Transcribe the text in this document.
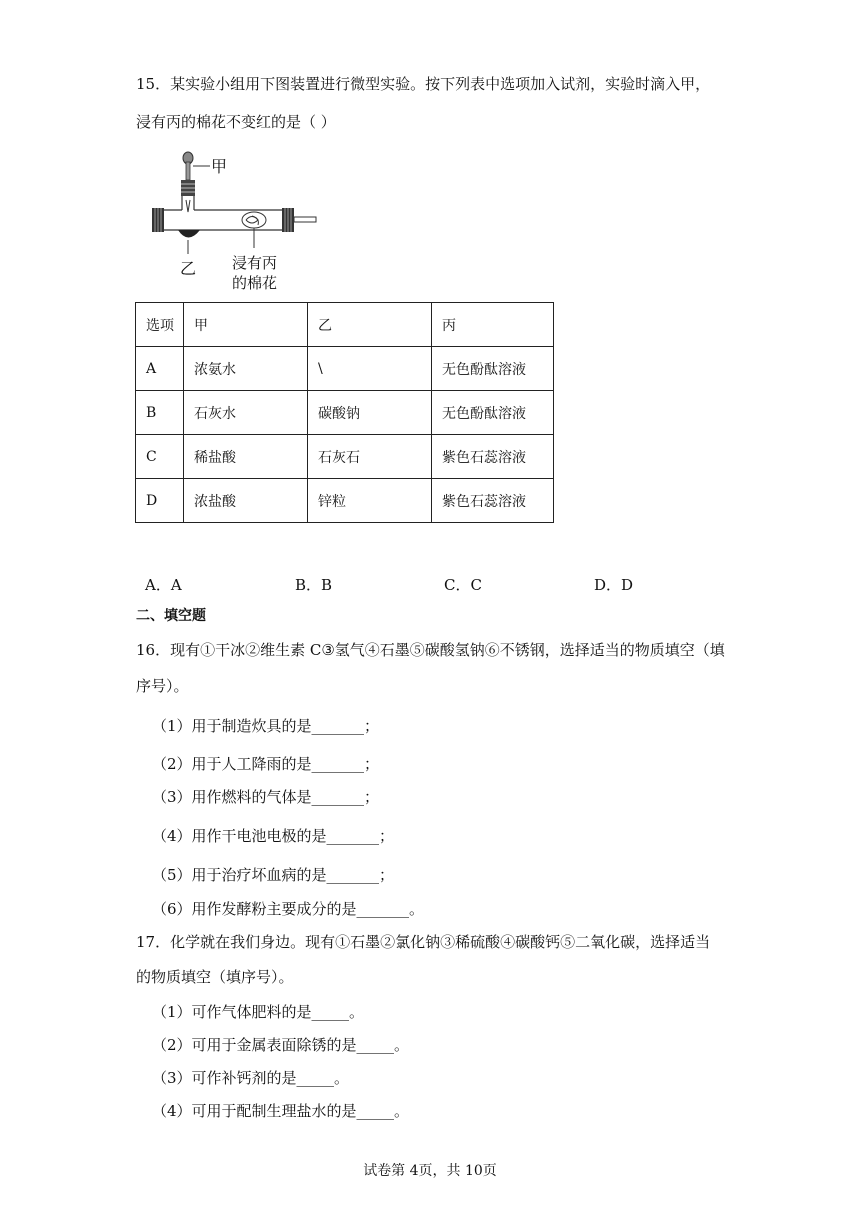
15．某实验小组用下图装置进行微型实验。按下列表中选项加入试剂，实验时滴入甲，
浸有丙的棉花不变红的是（ ）
甲
乙 浸有丙
的棉花
选项	甲	乙	丙
A	浓氨水	\	无色酚酞溶液
B	石灰水	碳酸钠	无色酚酞溶液
C	稀盐酸	石灰石	紫色石蕊溶液
D	浓盐酸	锌粒	紫色石蕊溶液
A．A	B．B	C．C	D．D
二、填空题
16．现有①干冰②维生素 C③氢气④石墨⑤碳酸氢钠⑥不锈钢，选择适当的物质填空（填
序号）。
（1）用于制造炊具的是_______；
（2）用于人工降雨的是_______；
（3）用作燃料的气体是_______；
（4）用作干电池电极的是_______；
（5）用于治疗坏血病的是_______；
（6）用作发酵粉主要成分的是_______。
17．化学就在我们身边。现有①石墨②氯化钠③稀硫酸④碳酸钙⑤二氧化碳，选择适当
的物质填空（填序号）。
（1）可作气体肥料的是_____。
（2）可用于金属表面除锈的是_____。
（3）可作补钙剂的是_____。
（4）可用于配制生理盐水的是_____。
试卷第 4页，共 10页
